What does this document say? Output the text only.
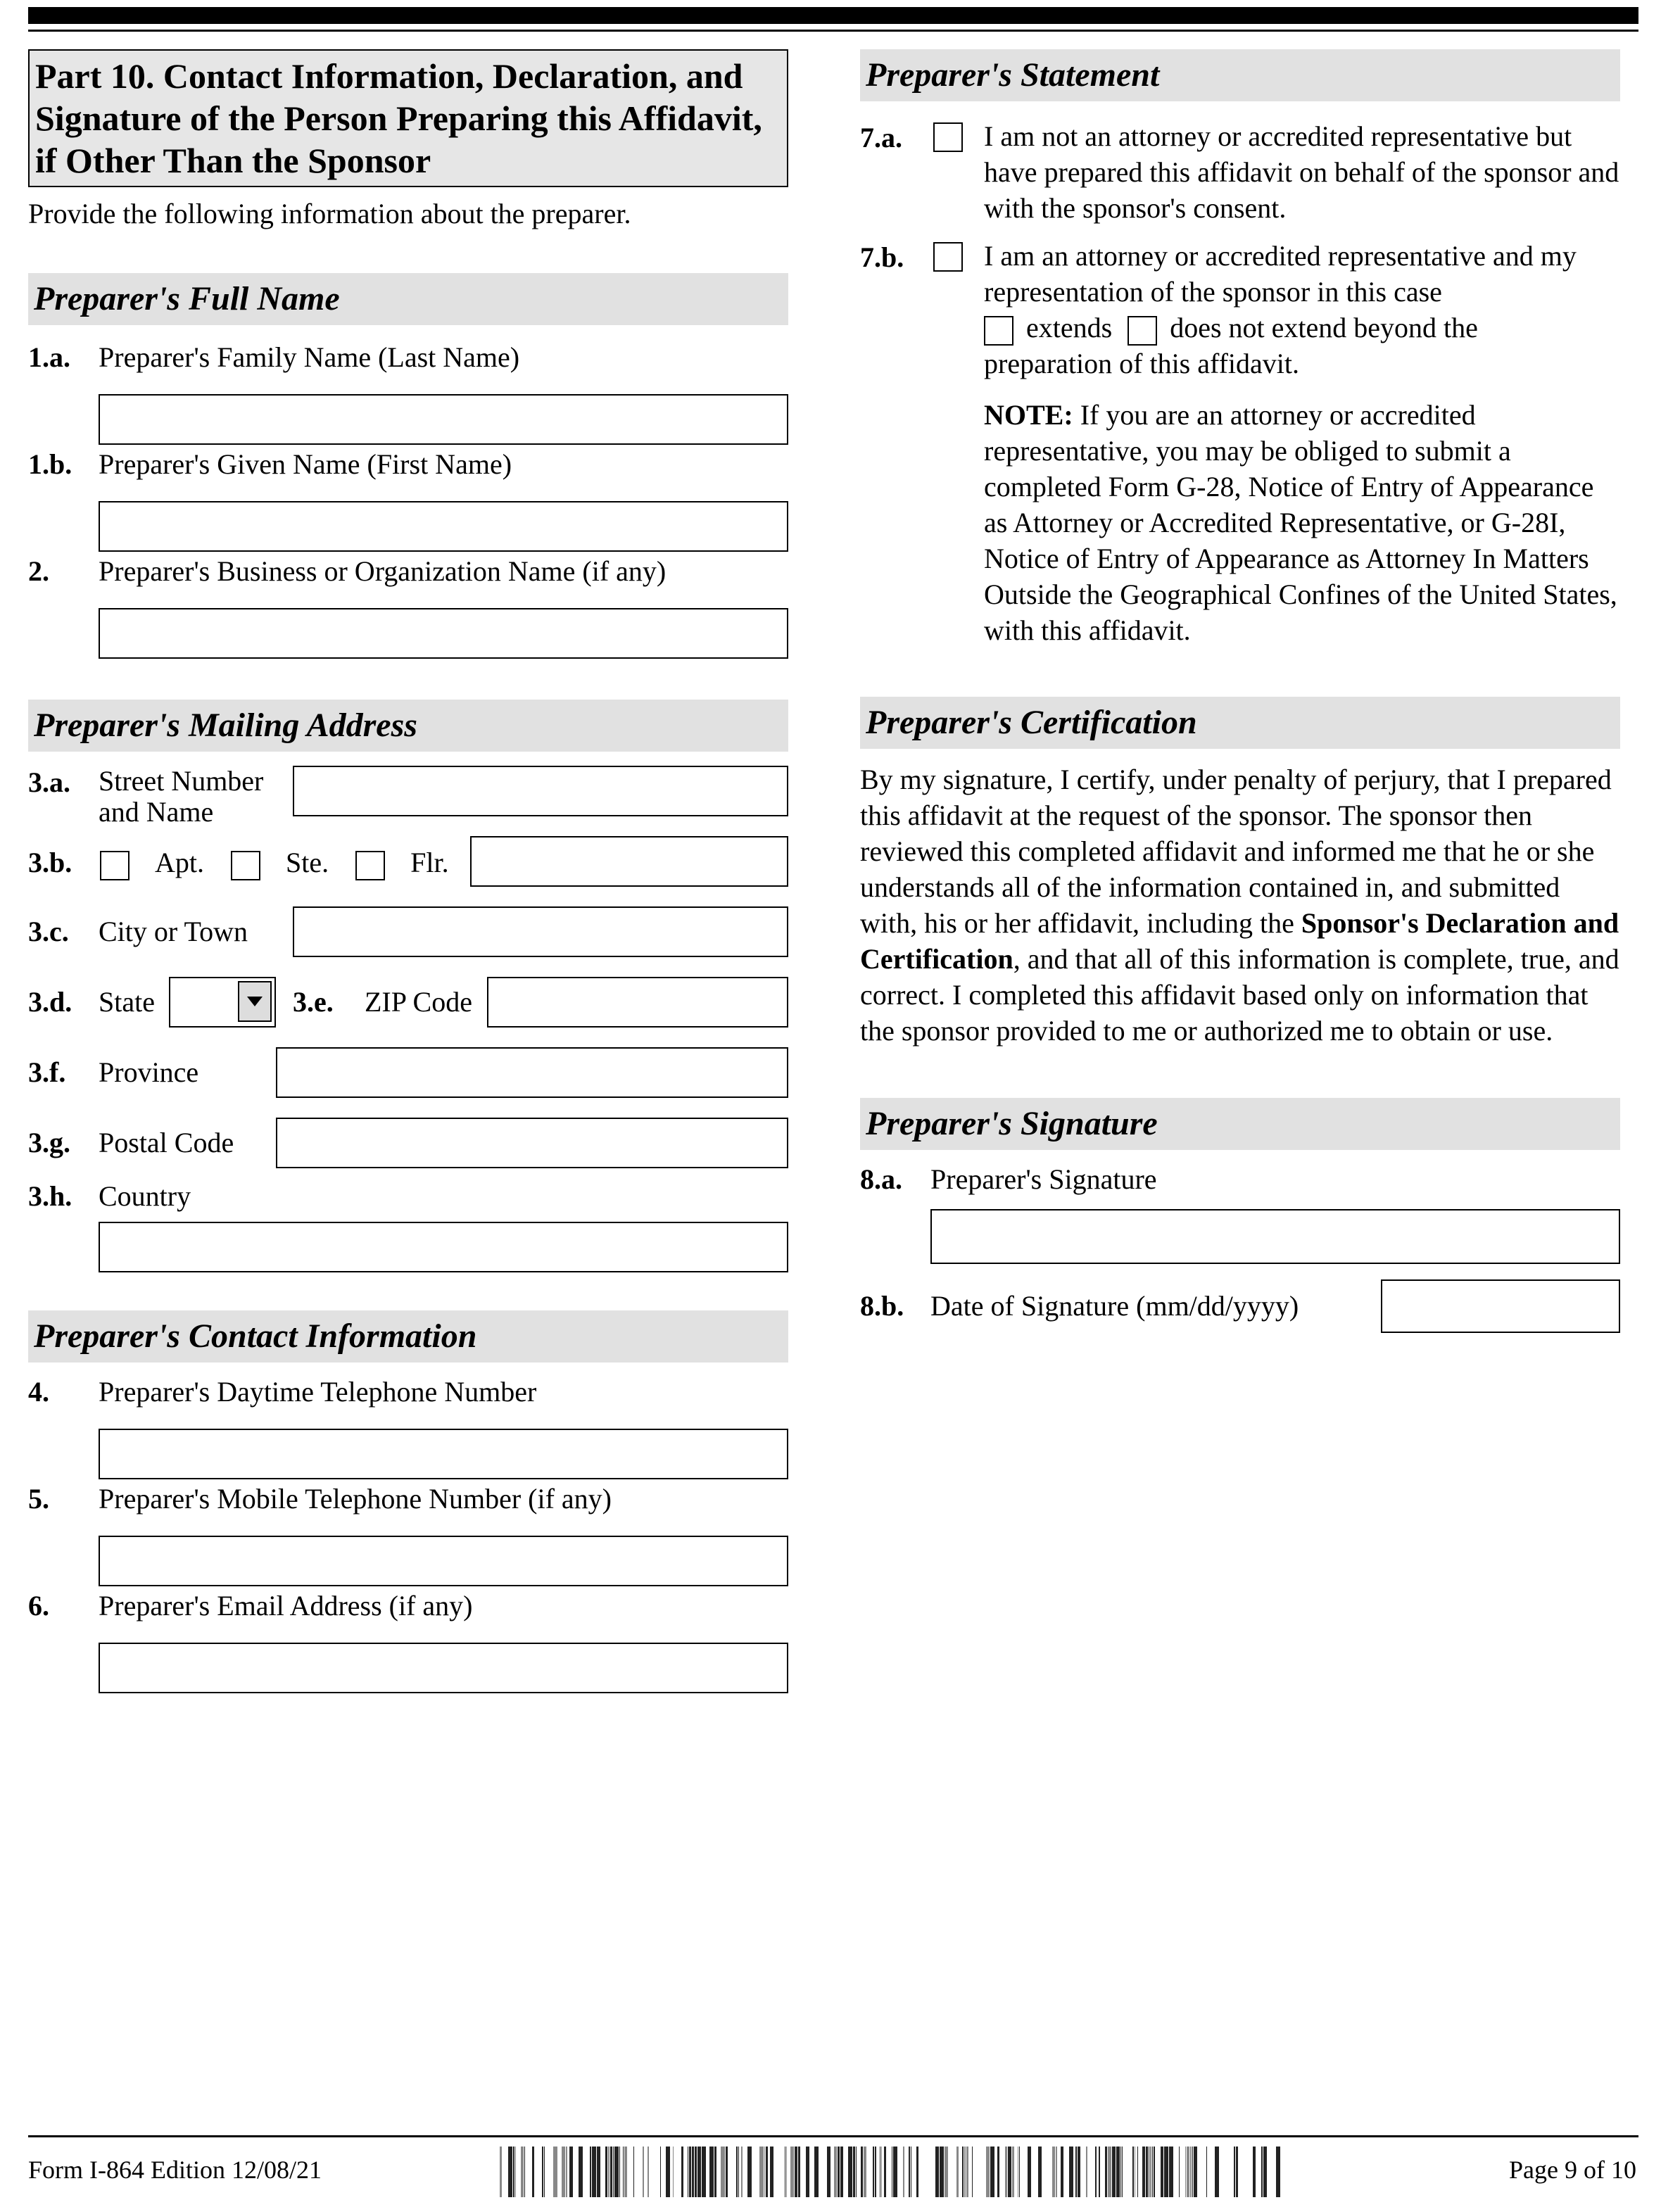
Part 10. Contact Information, Declaration, and Signature of the Person Preparing this Affidavit, if Other Than the Sponsor
Provide the following information about the preparer.
Preparer's Full Name
1.a. Preparer's Family Name (Last Name)
1.b. Preparer's Given Name (First Name)
2. Preparer's Business or Organization Name (if any)
Preparer's Mailing Address
3.a. Street Number and Name
3.b.	Apt.	Ste.	Flr.
3.c. City or Town
3.d. State	3.e. ZIP Code
3.f. Province
3.g. Postal Code
3.h. Country
Preparer's Contact Information
4. Preparer's Daytime Telephone Number
5. Preparer's Mobile Telephone Number (if any)
6. Preparer's Email Address (if any)
Preparer's Statement
7.a.	I am not an attorney or accredited representative but have prepared this affidavit on behalf of the sponsor and with the sponsor's consent.
7.b.	I am an attorney or accredited representative and my representation of the sponsor in this case
extends does not extend beyond the
preparation of this affidavit.
NOTE: If you are an attorney or accredited representative, you may be obliged to submit a completed Form G-28, Notice of Entry of Appearance as Attorney or Accredited Representative, or G-28I, Notice of Entry of Appearance as Attorney In Matters Outside the Geographical Confines of the United States, with this affidavit.
Preparer's Certification
By my signature, I certify, under penalty of perjury, that I prepared this affidavit at the request of the sponsor. The sponsor then reviewed this completed affidavit and informed me that he or she understands all of the information contained in, and submitted with, his or her affidavit, including the Sponsor's Declaration and Certification, and that all of this information is complete, true, and correct. I completed this affidavit based only on information that the sponsor provided to me or authorized me to obtain or use.
Preparer's Signature
8.a. Preparer's Signature
8.b. Date of Signature (mm/dd/yyyy)
Form I-864 Edition 12/08/21	Page 9 of 10
